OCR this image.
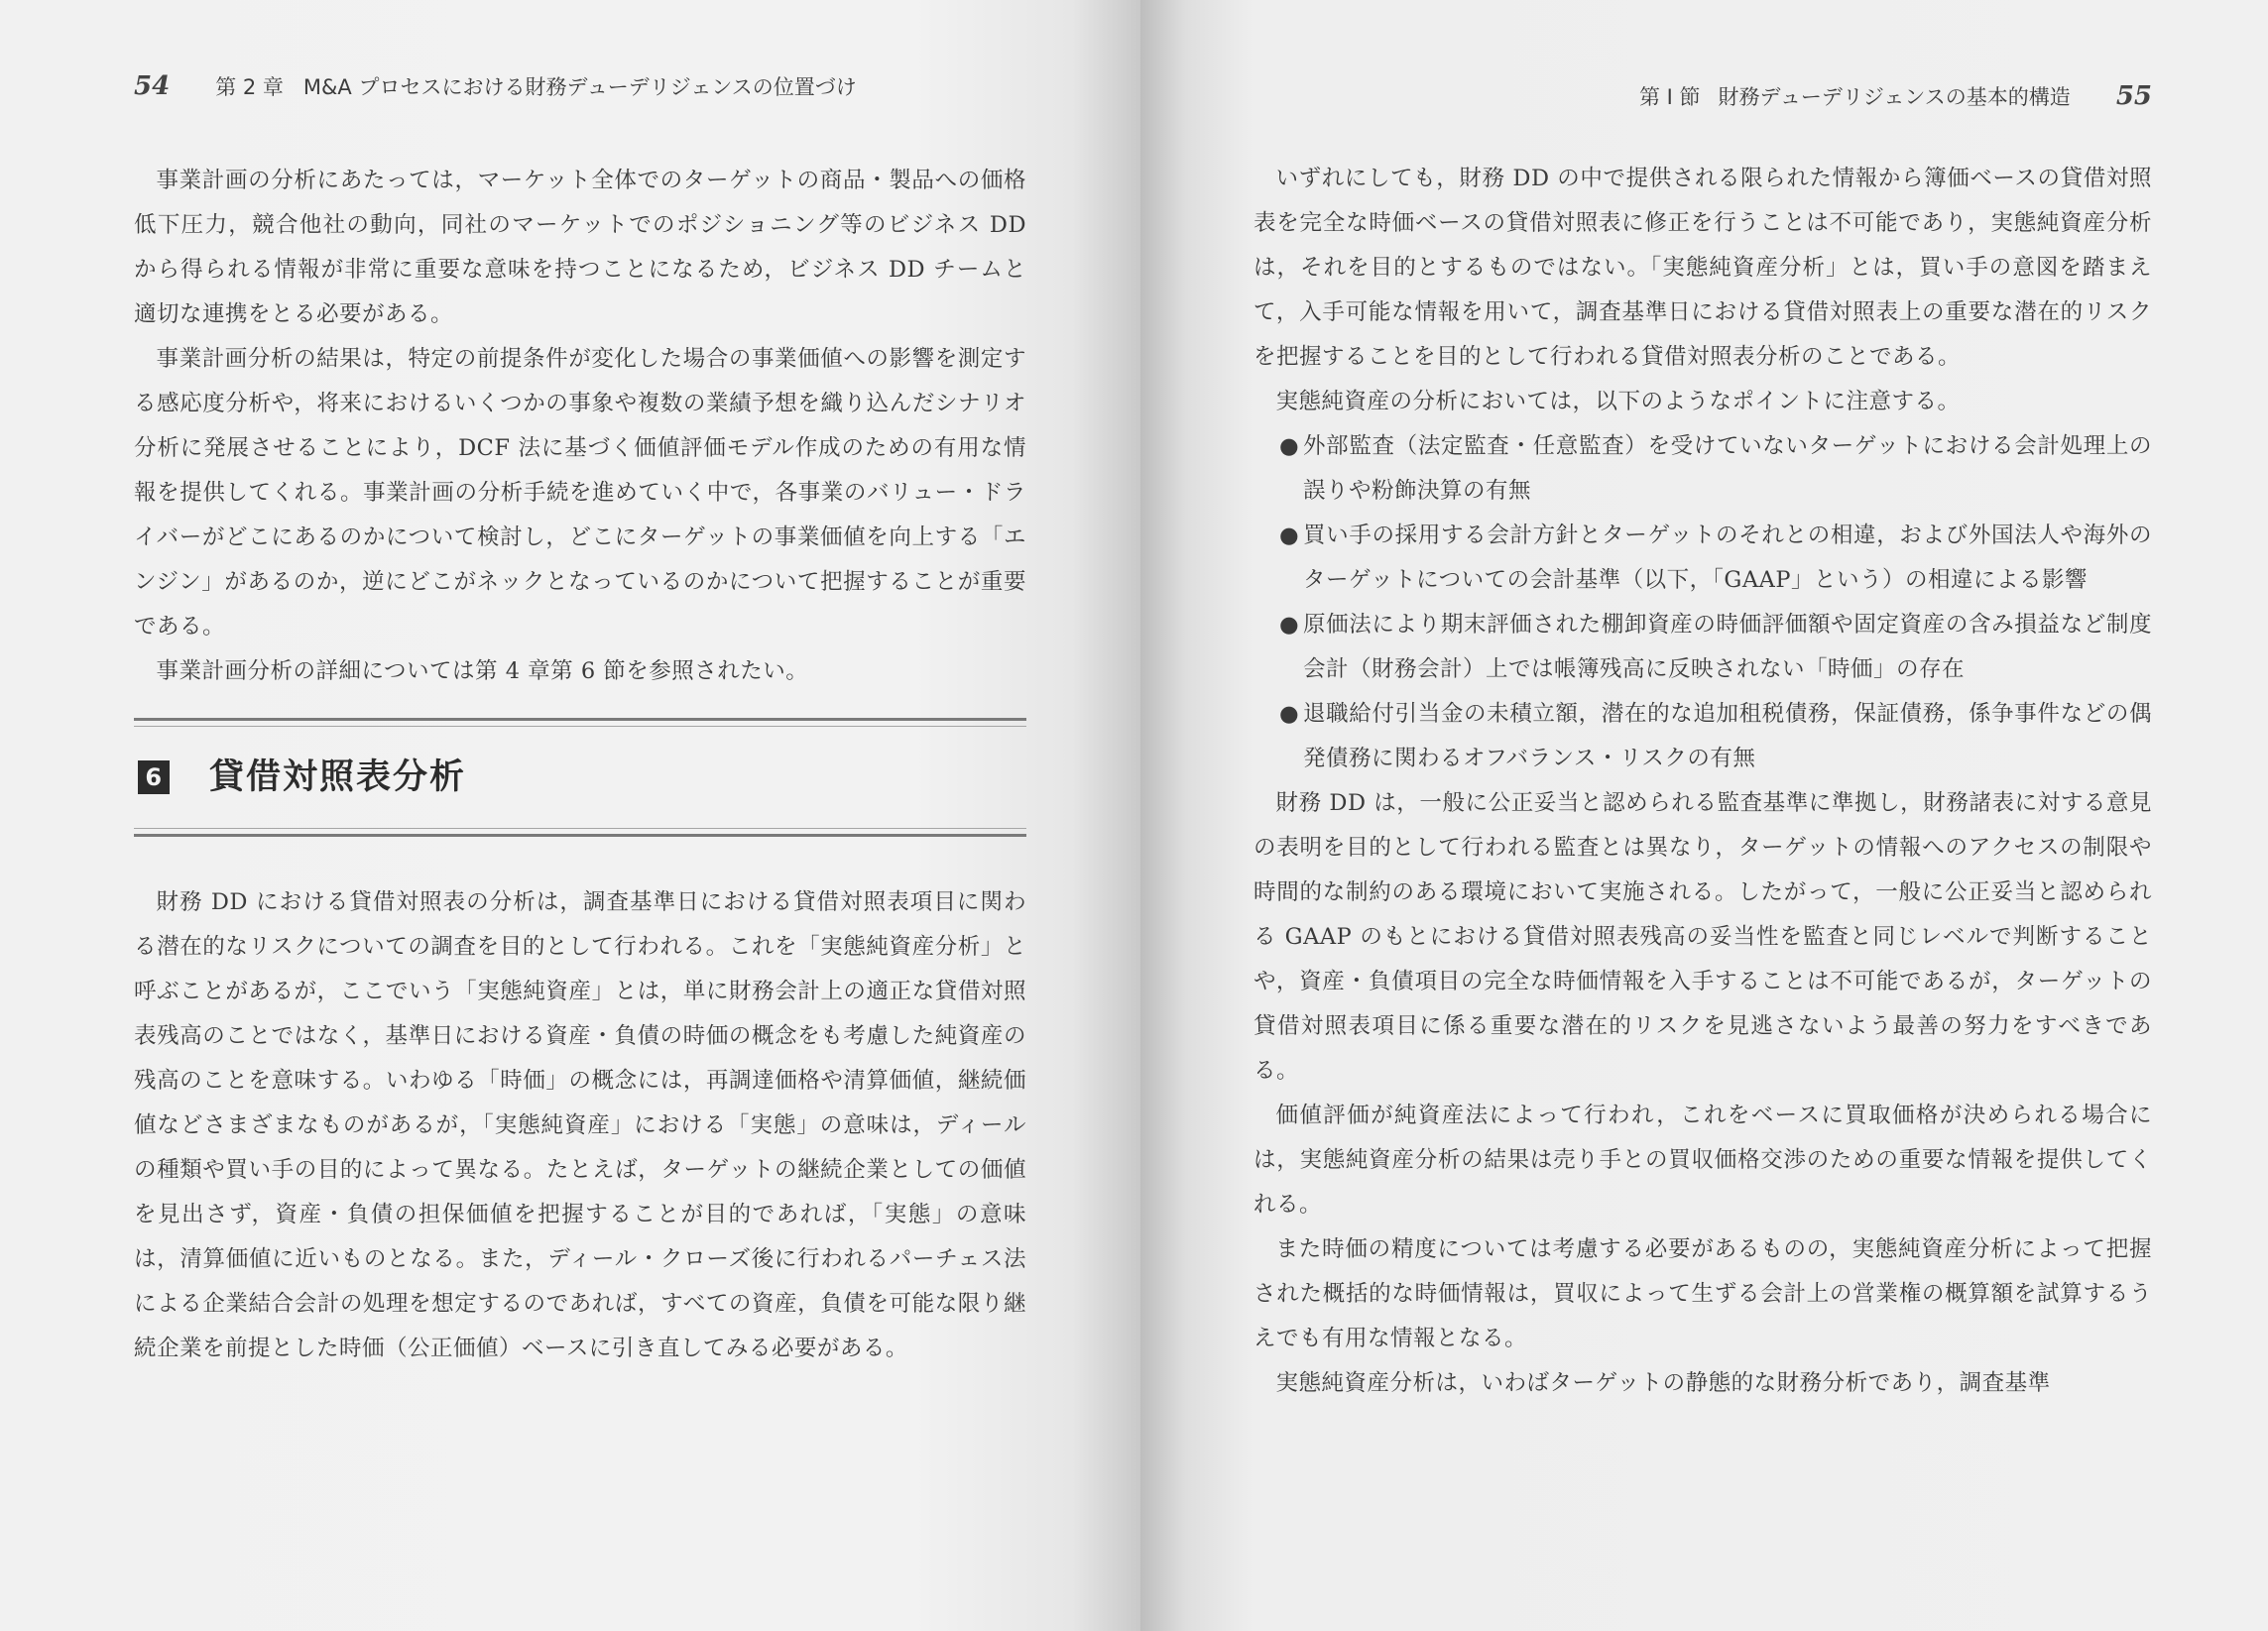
54 第 2 章 M&A プロセスにおける財務デューデリジェンスの位置づけ

事業計画の分析にあたっては，マーケット全体でのターゲットの商品・製品への価格低下圧力，競合他社の動向，同社のマーケットでのポジショニング等のビジネス DD から得られる情報が非常に重要な意味を持つことになるため，ビジネス DD チームと適切な連携をとる必要がある。

事業計画分析の結果は，特定の前提条件が変化した場合の事業価値への影響を測定する感応度分析や，将来におけるいくつかの事象や複数の業績予想を織り込んだシナリオ分析に発展させることにより，DCF 法に基づく価値評価モデル作成のための有用な情報を提供してくれる。事業計画の分析手続を進めていく中で，各事業のバリュー・ドライバーがどこにあるのかについて検討し，どこにターゲットの事業価値を向上する「エンジン」があるのか，逆にどこがネックとなっているのかについて把握することが重要である。

事業計画分析の詳細については第 4 章第 6 節を参照されたい。

6 貸借対照表分析

財務 DD における貸借対照表の分析は，調査基準日における貸借対照表項目に関わる潜在的なリスクについての調査を目的として行われる。これを「実態純資産分析」と呼ぶことがあるが，ここでいう「実態純資産」とは，単に財務会計上の適正な貸借対照表残高のことではなく，基準日における資産・負債の時価の概念をも考慮した純資産の残高のことを意味する。いわゆる「時価」の概念には，再調達価格や清算価値，継続価値などさまざまなものがあるが，「実態純資産」における「実態」の意味は，ディールの種類や買い手の目的によって異なる。たとえば，ターゲットの継続企業としての価値を見出さず，資産・負債の担保価値を把握することが目的であれば，「実態」の意味は，清算価値に近いものとなる。また，ディール・クローズ後に行われるパーチェス法による企業結合会計の処理を想定するのであれば，すべての資産，負債を可能な限り継続企業を前提とした時価（公正価値）ベースに引き直してみる必要がある。

第 I 節 財務デューデリジェンスの基本的構造 55

いずれにしても，財務 DD の中で提供される限られた情報から簿価ベースの貸借対照表を完全な時価ベースの貸借対照表に修正を行うことは不可能であり，実態純資産分析は，それを目的とするものではない。「実態純資産分析」とは，買い手の意図を踏まえて，入手可能な情報を用いて，調査基準日における貸借対照表上の重要な潜在的リスクを把握することを目的として行われる貸借対照表分析のことである。

実態純資産の分析においては，以下のようなポイントに注意する。

● 外部監査（法定監査・任意監査）を受けていないターゲットにおける会計処理上の誤りや粉飾決算の有無
● 買い手の採用する会計方針とターゲットのそれとの相違，および外国法人や海外のターゲットについての会計基準（以下，「GAAP」という）の相違による影響
● 原価法により期末評価された棚卸資産の時価評価額や固定資産の含み損益など制度会計（財務会計）上では帳簿残高に反映されない「時価」の存在
● 退職給付引当金の未積立額，潜在的な追加租税債務，保証債務，係争事件などの偶発債務に関わるオフバランス・リスクの有無

財務 DD は，一般に公正妥当と認められる監査基準に準拠し，財務諸表に対する意見の表明を目的として行われる監査とは異なり，ターゲットの情報へのアクセスの制限や時間的な制約のある環境において実施される。したがって，一般に公正妥当と認められる GAAP のもとにおける貸借対照表残高の妥当性を監査と同じレベルで判断することや，資産・負債項目の完全な時価情報を入手することは不可能であるが，ターゲットの貸借対照表項目に係る重要な潜在的リスクを見逃さないよう最善の努力をすべきである。

価値評価が純資産法によって行われ，これをベースに買取価格が決められる場合には，実態純資産分析の結果は売り手との買収価格交渉のための重要な情報を提供してくれる。

また時価の精度については考慮する必要があるものの，実態純資産分析によって把握された概括的な時価情報は，買収によって生ずる会計上の営業権の概算額を試算するうえでも有用な情報となる。

実態純資産分析は，いわばターゲットの静態的な財務分析であり，調査基準
